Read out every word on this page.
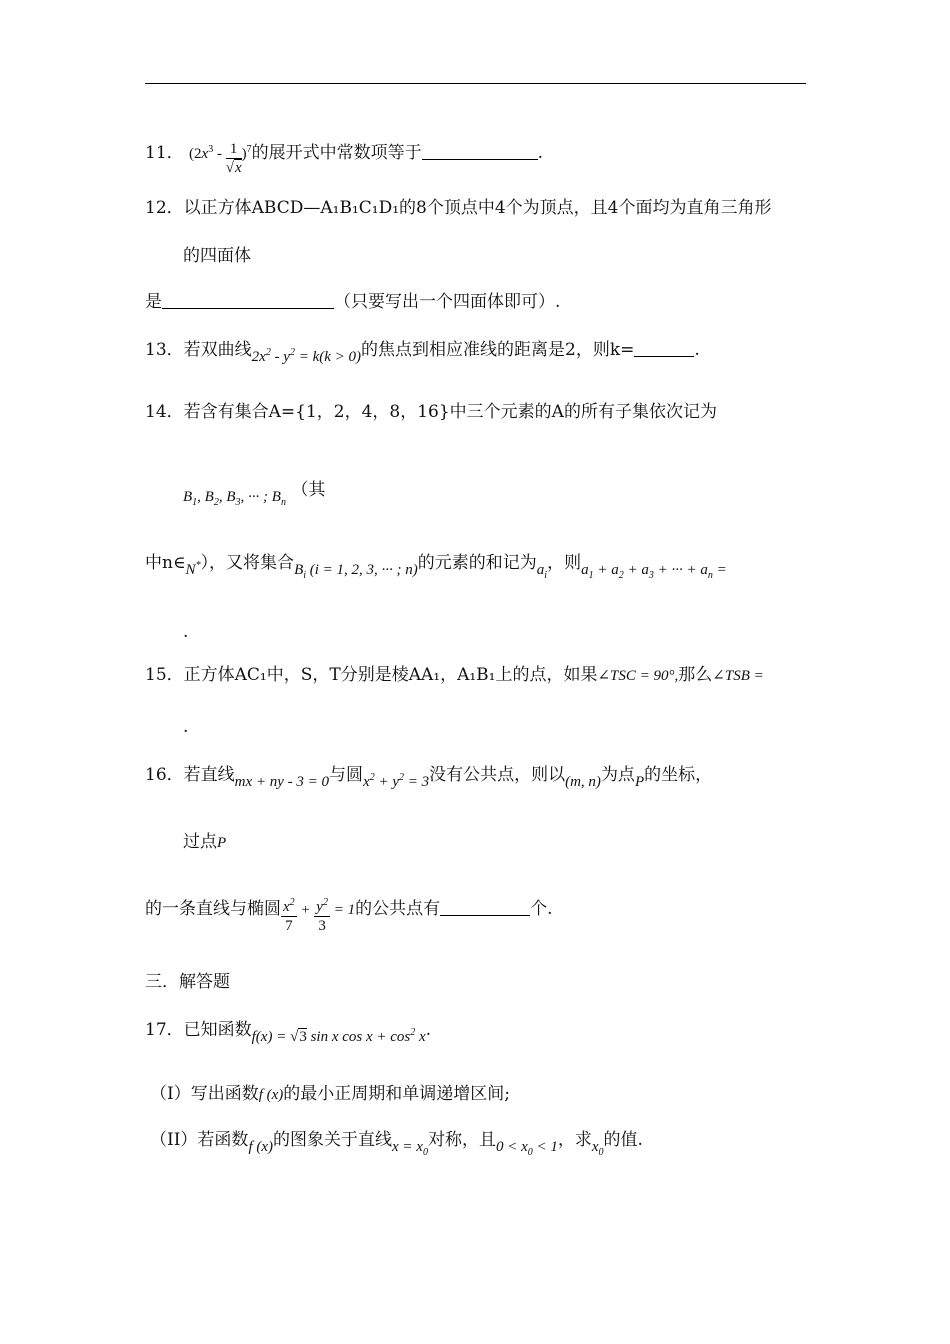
11． $(2x^3 - \frac{1}{√x} )^7$的展开式中常数项等于	.
12．以正方体ABCD—A₁B₁C₁D₁的8个顶点中4个为顶点，且4个面均为直角三角形
的四面体
是	（只要写出一个四面体即可）.
13．若双曲线$2x^2 - y^2 = k(k > 0)$的焦点到相应准线的距离是2，则k=	.
14．若含有集合A={1，2，4，8，16}中三个元素的A的所有子集依次记为
$B_1$, $B_2$, $B_3$, ··· ; $B_n$ （其
中n∈N*），又将集合$B_i$ (i = 1, 2, 3, ··· ; n)的元素的和记为$a_i$，则$a_1 + a_2 + a_3$ + ··· + $a_n$ =
.
15．正方体AC₁中，S，T分别是棱AA₁，A₁B₁上的点，如果∠TSC = 90°,那么∠TSB =
.
16．若直线mx + ny - 3 = 0与圆$x^2 + y^2 = 3$没有公共点，则以(m, n)为点P的坐标，
过点P
的一条直线与椭圆 $\frac{x^2}{7} + \frac{y^2}{3} = 1$的公共点有	个.
三．解答题
17．已知函数f(x) = √3 sin x $\cos x + \cos^2 x$.
（I）写出函数f (x)的最小正周期和单调递增区间;
（II）若函数f (x)的图象关于直线$x = x_0$对称，且$0 < x_0 < 1$，求$x_0$的值.
